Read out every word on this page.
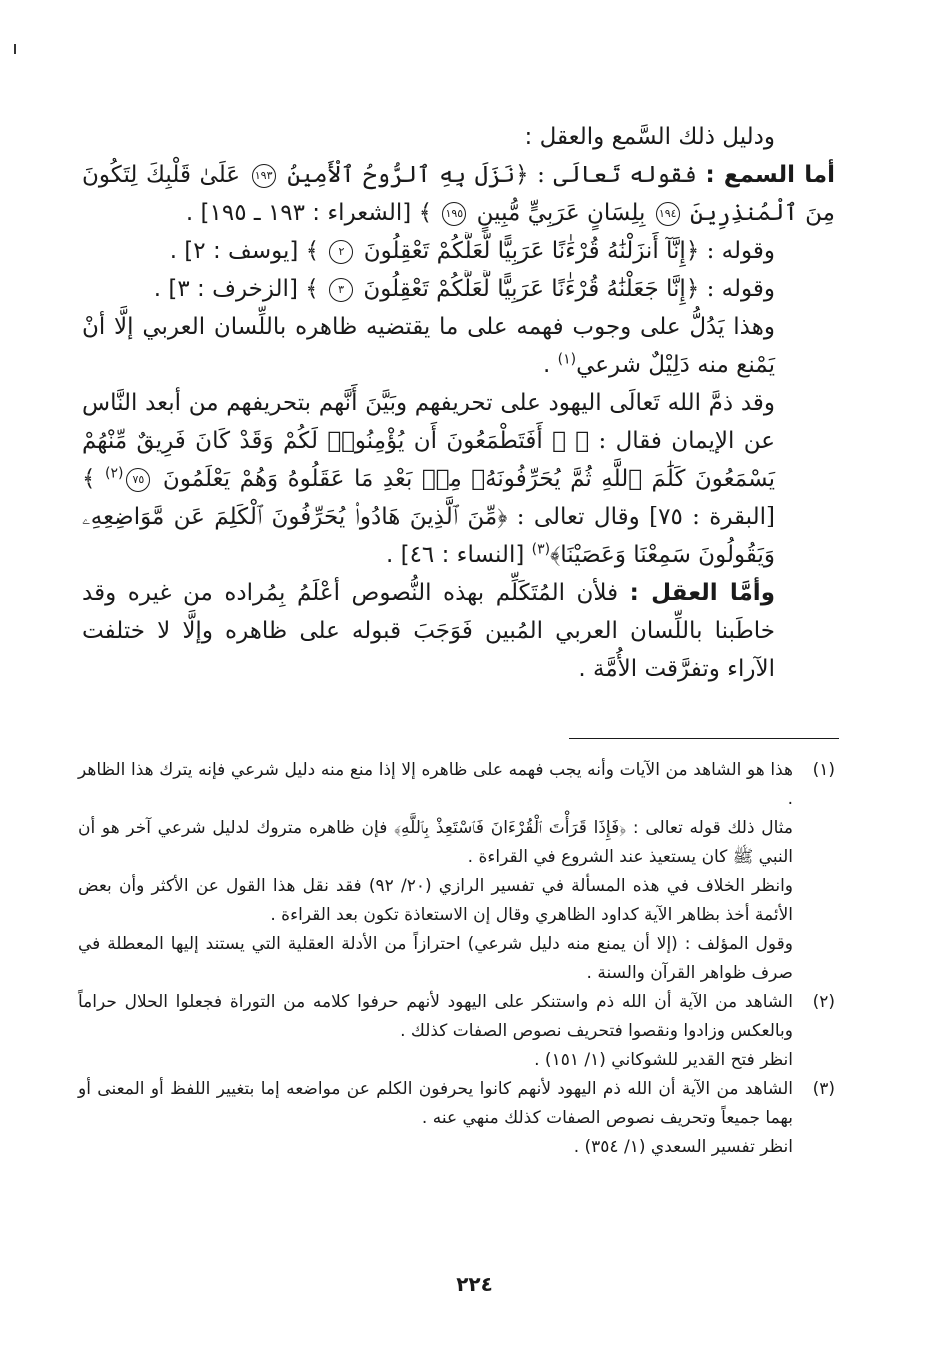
ودليل ذلك السَّمع والعقل :

أما السمع : فقوله تَعالَى : ﴿نَزَلَ بِهِ ٱلرُّوحُ ٱلْأَمِينُ ١٩٣ عَلَىٰ قَلْبِكَ لِتَكُونَ مِنَ ٱلْمُنذِرِينَ ١٩٤ بِلِسَانٍ عَرَبِيٍّ مُّبِينٍ ١٩٥ ﴾ [الشعراء : ١٩٣ ـ ١٩٥] .

وقوله : ﴿إِنَّآ أَنزَلْنَٰهُ قُرْءَٰنًا عَرَبِيًّا لَّعَلَّكُمْ تَعْقِلُونَ ٢ ﴾ [يوسف : ٢] .

وقوله : ﴿إِنَّا جَعَلْنَٰهُ قُرْءَٰنًا عَرَبِيًّا لَّعَلَّكُمْ تَعْقِلُونَ ٣ ﴾ [الزخرف : ٣] .

وهذا يَدُلُّ على وجوب فهمه على ما يقتضيه ظاهره باللِّسان العربي إلَّا أنْ يَمْنع منه دَلِيْلٌ شرعي$^{(١)}$ .

وقد ذمَّ الله تَعالَى اليهود على تحريفهم وبَيَّنَ أَنَّهم بتحريفهم من أبعد النَّاس عن الإيمان فقال : ﴿ ۞ أَفَتَطْمَعُونَ أَن يُؤْمِنُوا۟ لَكُمْ وَقَدْ كَانَ فَرِيقٌ مِّنْهُمْ يَسْمَعُونَ كَلَٰمَ ٱللَّهِ ثُمَّ يُحَرِّفُونَهُۥ مِنۢ بَعْدِ مَا عَقَلُوهُ وَهُمْ يَعْلَمُونَ ٧٥$^{(٢)}$ ﴾ [البقرة : ٧٥] وقال تعالى : ﴿مِّنَ ٱلَّذِينَ هَادُوا۟ يُحَرِّفُونَ ٱلْكَلِمَ عَن مَّوَاضِعِهِۦ وَيَقُولُونَ سَمِعْنَا وَعَصَيْنَا﴾$^{(٣)}$ [النساء : ٤٦] .

وأمَّا العقل : فلأن المُتَكَلِّم بهذه النُّصوص أعْلَمُ بِمُراده من غيره وقد خاطَبنا باللِّسان العربي المُبين فَوَجَبَ قبوله على ظاهره وإلَّا لا ختلفت الآراء وتفرَّقت الأُمَّة .

(١)

هذا هو الشاهد من الآيات وأنه يجب فهمه على ظاهره إلا إذا منع منه دليل شرعي فإنه يترك هذا الظاهر .

مثال ذلك قوله تعالى : ﴿فَإِذَا قَرَأْتَ ٱلْقُرْءَانَ فَٱسْتَعِذْ بِٱللَّهِ﴾ فإن ظاهره متروك لدليل شرعي آخر هو أن النبي ﷺ كان يستعيذ عند الشروع في القراءة .

وانظر الخلاف في هذه المسألة في تفسير الرازي (٢٠/ ٩٢) فقد نقل هذا القول عن الأكثر وأن بعض الأئمة أخذ بظاهر الآية كداود الظاهري وقال إن الاستعاذة تكون بعد القراءة .

وقول المؤلف : (إلا أن يمنع منه دليل شرعي) احترازاً من الأدلة العقلية التي يستند إليها المعطلة في صرف ظواهر القرآن والسنة .

(٢)

الشاهد من الآية أن الله ذم واستنكر على اليهود لأنهم حرفوا كلامه من التوراة فجعلوا الحلال حراماً وبالعكس وزادوا ونقصوا فتحريف نصوص الصفات كذلك .

انظر فتح القدير للشوكاني (١/ ١٥١) .

(٣)

الشاهد من الآية أن الله ذم اليهود لأنهم كانوا يحرفون الكلم عن مواضعه إما بتغيير اللفظ أو المعنى أو بهما جميعاً وتحريف نصوص الصفات كذلك منهي عنه .

انظر تفسير السعدي (١/ ٣٥٤) .

٢٢٤
